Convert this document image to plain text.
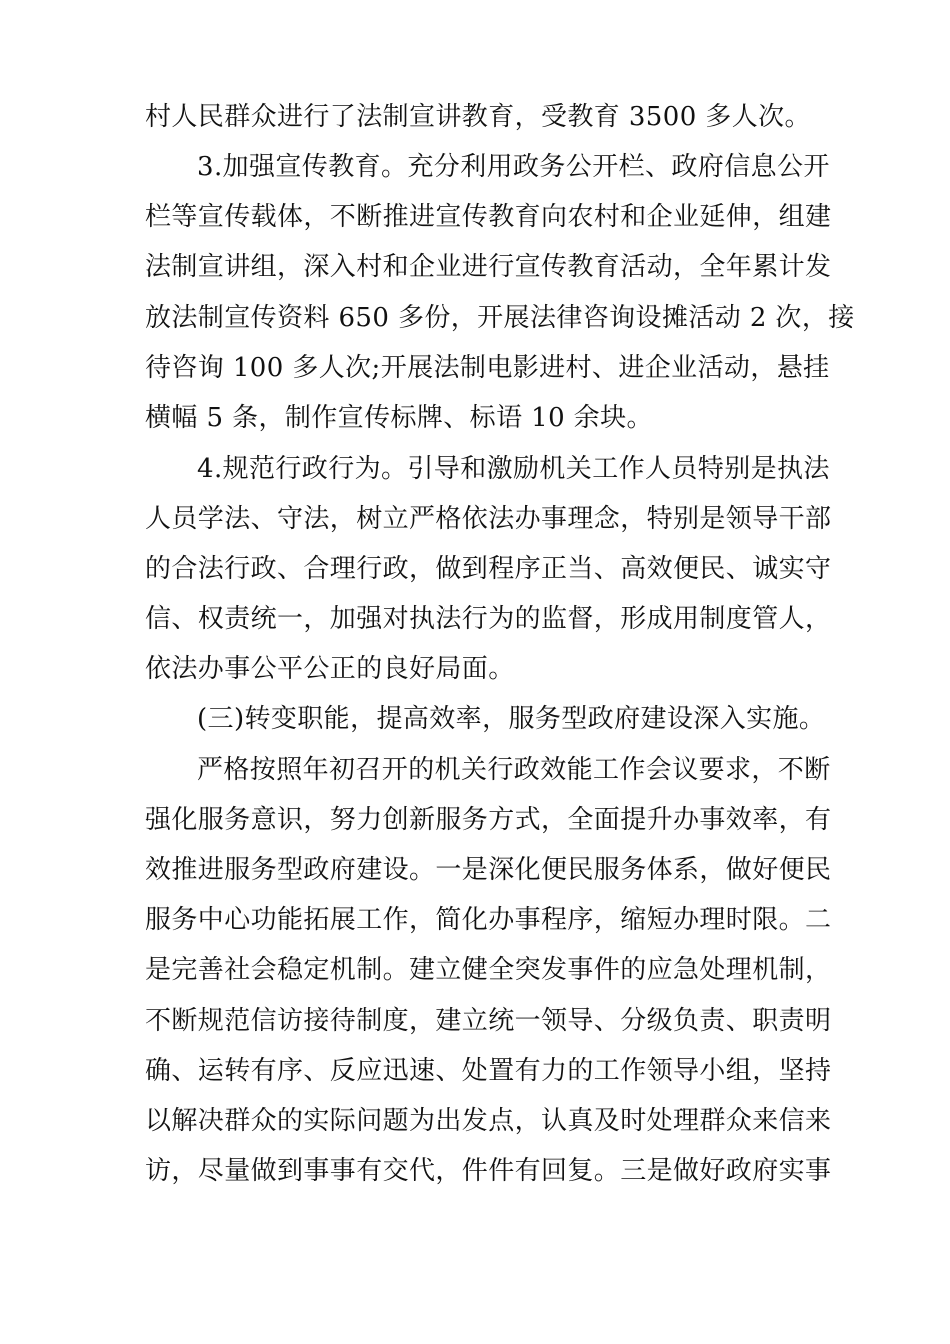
村人民群众进行了法制宣讲教育，受教育 3500 多人次。
3.加强宣传教育。充分利用政务公开栏、政府信息公开
栏等宣传载体，不断推进宣传教育向农村和企业延伸，组建
法制宣讲组，深入村和企业进行宣传教育活动，全年累计发
放法制宣传资料 650 多份，开展法律咨询设摊活动 2 次，接
待咨询 100 多人次;开展法制电影进村、进企业活动，悬挂
横幅 5 条，制作宣传标牌、标语 10 余块。
4.规范行政行为。引导和激励机关工作人员特别是执法
人员学法、守法，树立严格依法办事理念，特别是领导干部
的合法行政、合理行政，做到程序正当、高效便民、诚实守
信、权责统一，加强对执法行为的监督，形成用制度管人，
依法办事公平公正的良好局面。
(三)转变职能，提高效率，服务型政府建设深入实施。
严格按照年初召开的机关行政效能工作会议要求，不断
强化服务意识，努力创新服务方式，全面提升办事效率，有
效推进服务型政府建设。一是深化便民服务体系，做好便民
服务中心功能拓展工作，简化办事程序，缩短办理时限。二
是完善社会稳定机制。建立健全突发事件的应急处理机制，
不断规范信访接待制度，建立统一领导、分级负责、职责明
确、运转有序、反应迅速、处置有力的工作领导小组，坚持
以解决群众的实际问题为出发点，认真及时处理群众来信来
访，尽量做到事事有交代，件件有回复。三是做好政府实事
